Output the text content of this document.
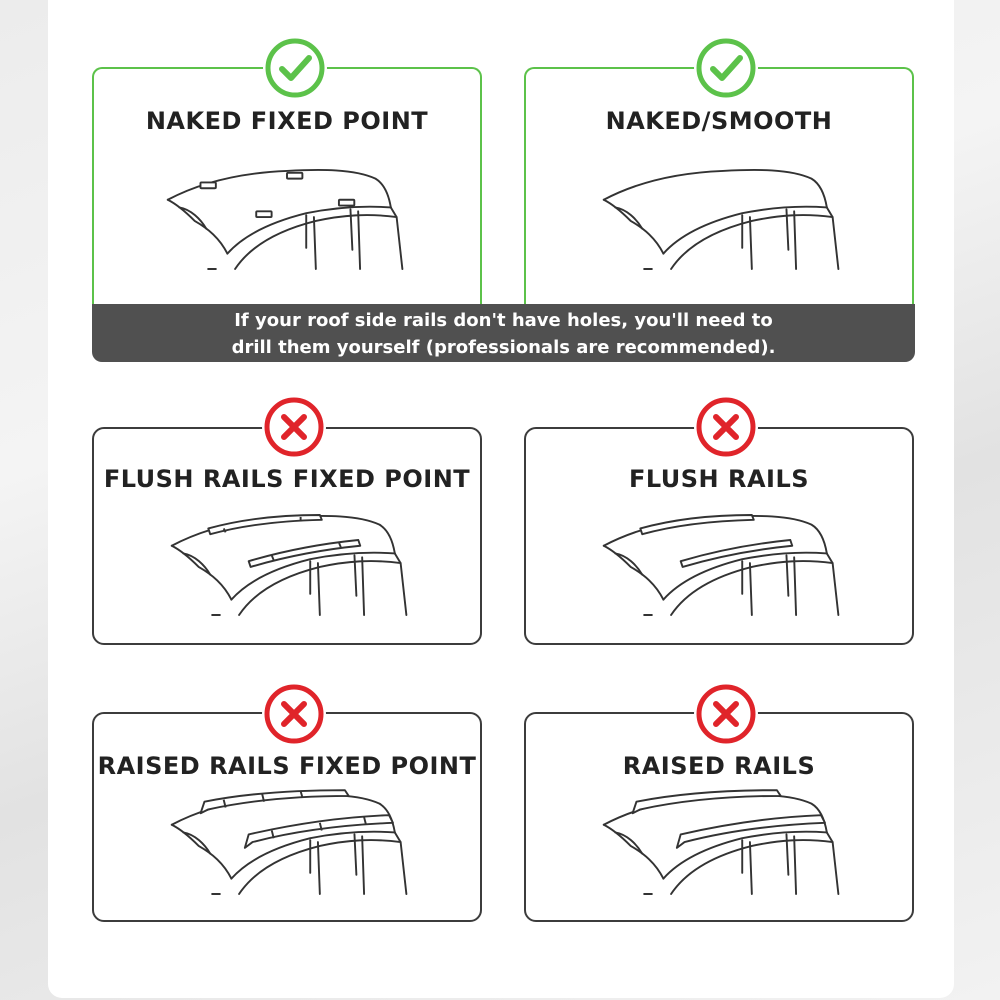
NAKED FIXED POINT	NAKED/SMOOTH
If your roof side rails don't have holes, you'll need to
drill them yourself (professionals are recommended).
FLUSH RAILS FIXED POINT	FLUSH RAILS
RAISED RAILS FIXED POINT	RAISED RAILS
